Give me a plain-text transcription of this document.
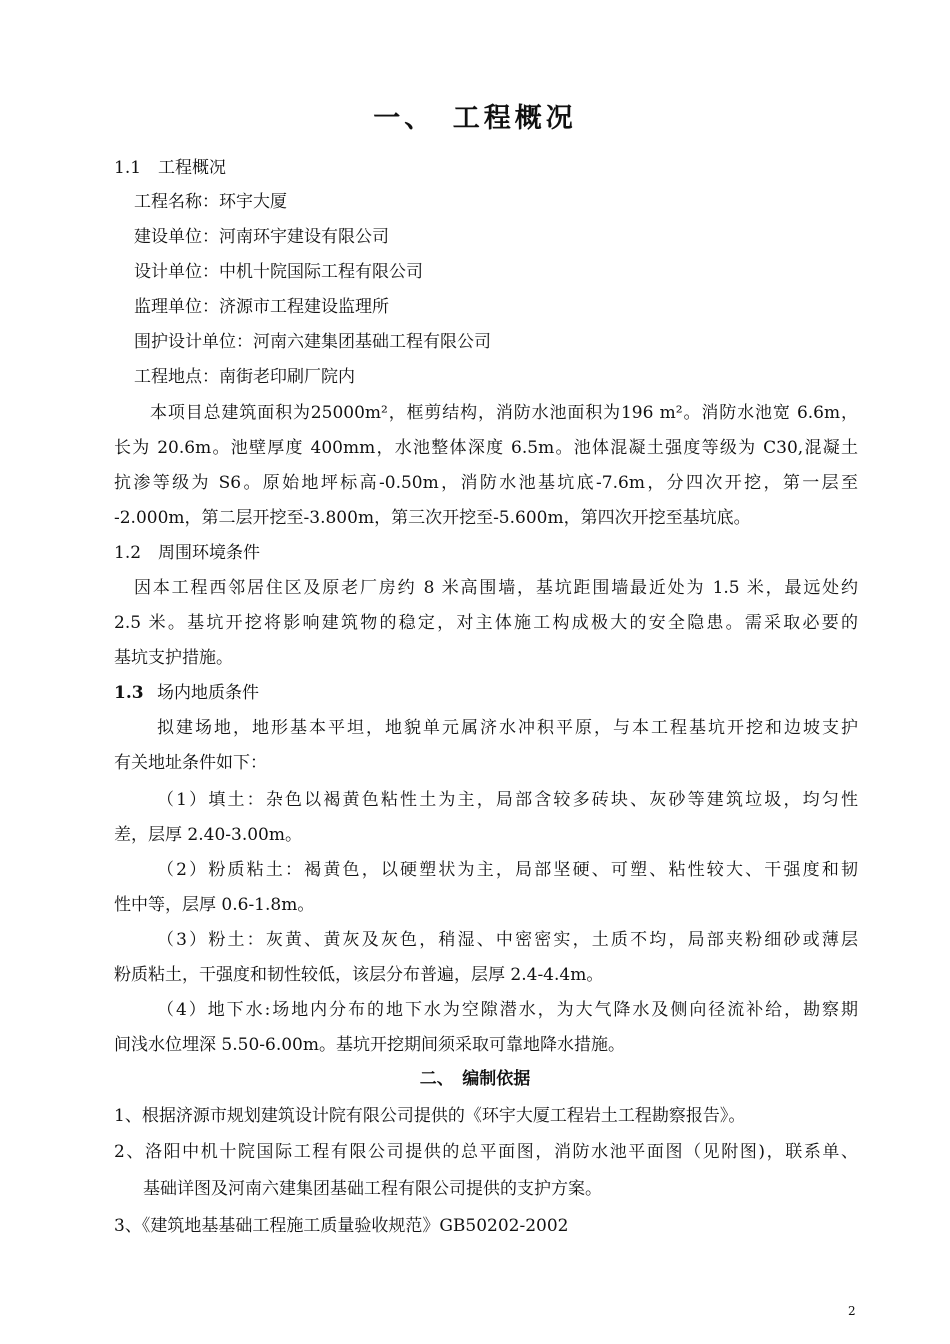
一、　工程概况
1.1　工程概况
工程名称：环宇大厦
建设单位：河南环宇建设有限公司
设计单位：中机十院国际工程有限公司
监理单位：济源市工程建设监理所
围护设计单位：河南六建集团基础工程有限公司
工程地点：南街老印刷厂院内
本项目总建筑面积为25000m²，框剪结构，消防水池面积为196 m²。消防水池宽 6.6m，
长为 20.6m。池壁厚度 400mm，水池整体深度 6.5m。池体混凝土强度等级为 C30,混凝土
抗渗等级为 S6。原始地坪标高-0.50m，消防水池基坑底-7.6m，分四次开挖，第一层至
-2.000m，第二层开挖至-3.800m，第三次开挖至-5.600m，第四次开挖至基坑底。
1.2　周围环境条件
因本工程西邻居住区及原老厂房约 8 米高围墙，基坑距围墙最近处为 1.5 米，最远处约
2.5 米。基坑开挖将影响建筑物的稳定，对主体施工构成极大的安全隐患。需采取必要的
基坑支护措施。
1.3 场内地质条件
拟建场地，地形基本平坦，地貌单元属济水冲积平原，与本工程基坑开挖和边坡支护
有关地址条件如下：
（1）填土：杂色以褐黄色粘性土为主，局部含较多砖块、灰砂等建筑垃圾，均匀性
差，层厚 2.40-3.00m。
（2）粉质粘土：褐黄色，以硬塑状为主，局部坚硬、可塑、粘性较大、干强度和韧
性中等，层厚 0.6-1.8m。
（3）粉土：灰黄、黄灰及灰色，稍湿、中密密实，土质不均，局部夹粉细砂或薄层
粉质粘土，干强度和韧性较低，该层分布普遍，层厚 2.4-4.4m。
（4）地下水:场地内分布的地下水为空隙潜水，为大气降水及侧向径流补给，勘察期
间浅水位埋深 5.50-6.00m。基坑开挖期间须采取可靠地降水措施。
二、　编制依据
1、根据济源市规划建筑设计院有限公司提供的《环宇大厦工程岩土工程勘察报告》。
2、洛阳中机十院国际工程有限公司提供的总平面图，消防水池平面图（见附图)，联系单、
基础详图及河南六建集团基础工程有限公司提供的支护方案。
3、《建筑地基基础工程施工质量验收规范》GB50202-2002
2
